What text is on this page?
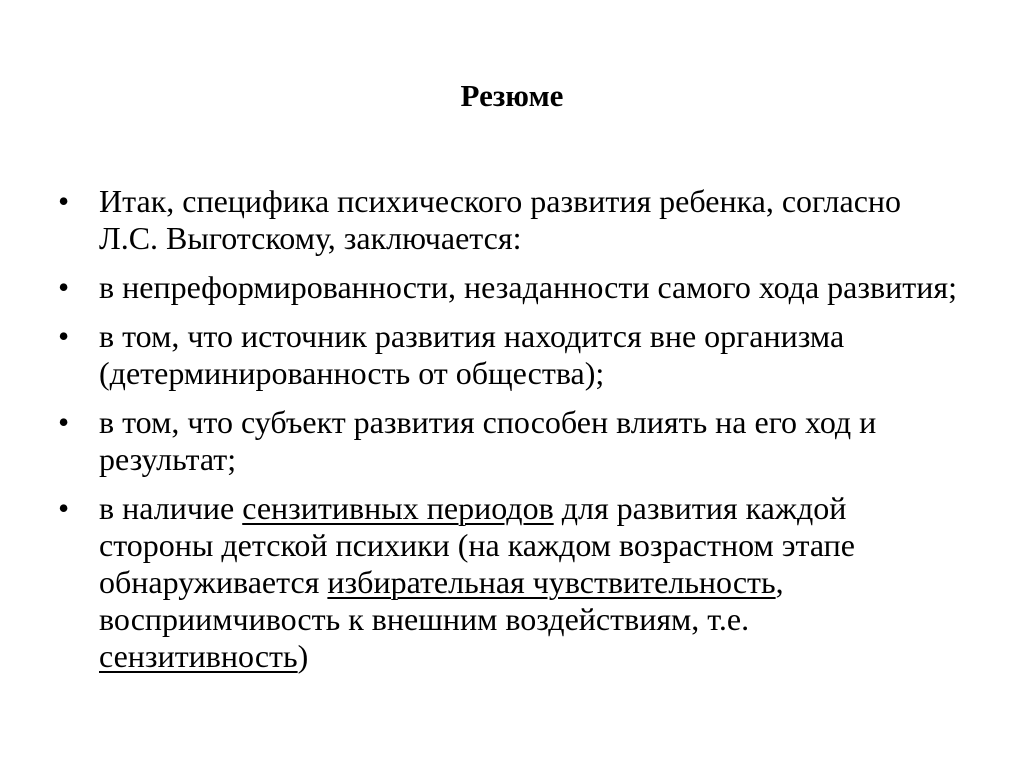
Резюме
• Итак, специфика психического развития ребенка, согласно Л.С. Выготскому, заключается:
• в непреформированности, незаданности самого хода развития;
• в том, что источник развития находится вне организма (детерминированность от общества);
• в том, что субъект развития способен влиять на его ход и результат;
• в наличие сензитивных периодов для развития каждой стороны детской психики (на каждом возрастном этапе обнаруживается избирательная чувствительность, восприимчивость к внешним воздействиям, т.е. сензитивность)
